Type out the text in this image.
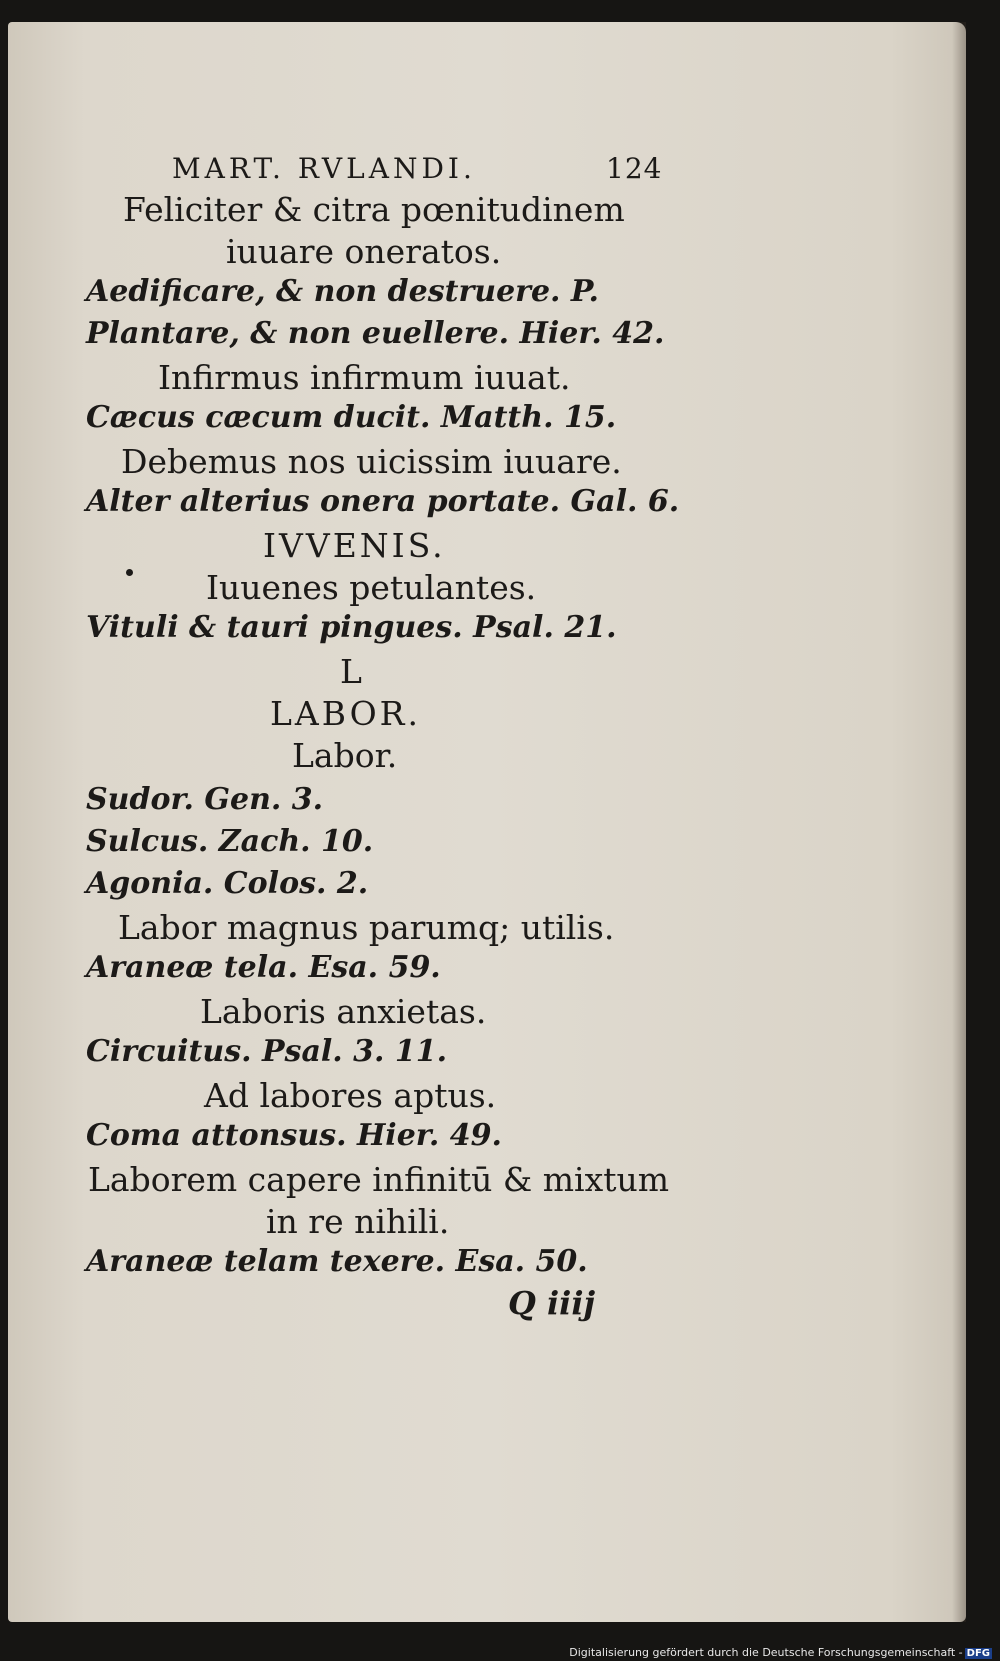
MART. RVLANDI.	124
Feliciter & citra pœnitudinem
iuuare oneratos.
Aedificare, & non destruere. P.
Plantare, & non euellere. Hier. 42.
Infirmus infirmum iuuat.
Cæcus cæcum ducit. Matth. 15.
Debemus nos uicissim iuuare.
Alter alterius onera portate. Gal. 6.
IVVENIS.
Iuuenes petulantes.
Vituli & tauri pingues. Psal. 21.
L
LABOR.
Labor.
Sudor. Gen. 3.
Sulcus. Zach. 10.
Agonia. Colos. 2.
Labor magnus parumq; utilis.
Araneæ tela. Esa. 59.
Laboris anxietas.
Circuitus. Psal. 3. 11.
Ad labores aptus.
Coma attonsus. Hier. 49.
Laborem capere infinitū & mixtum
in re nihili.
Araneæ telam texere. Esa. 50.
Q iiij
Digitalisierung gefördert durch die Deutsche Forschungsgemeinschaft - DFG
